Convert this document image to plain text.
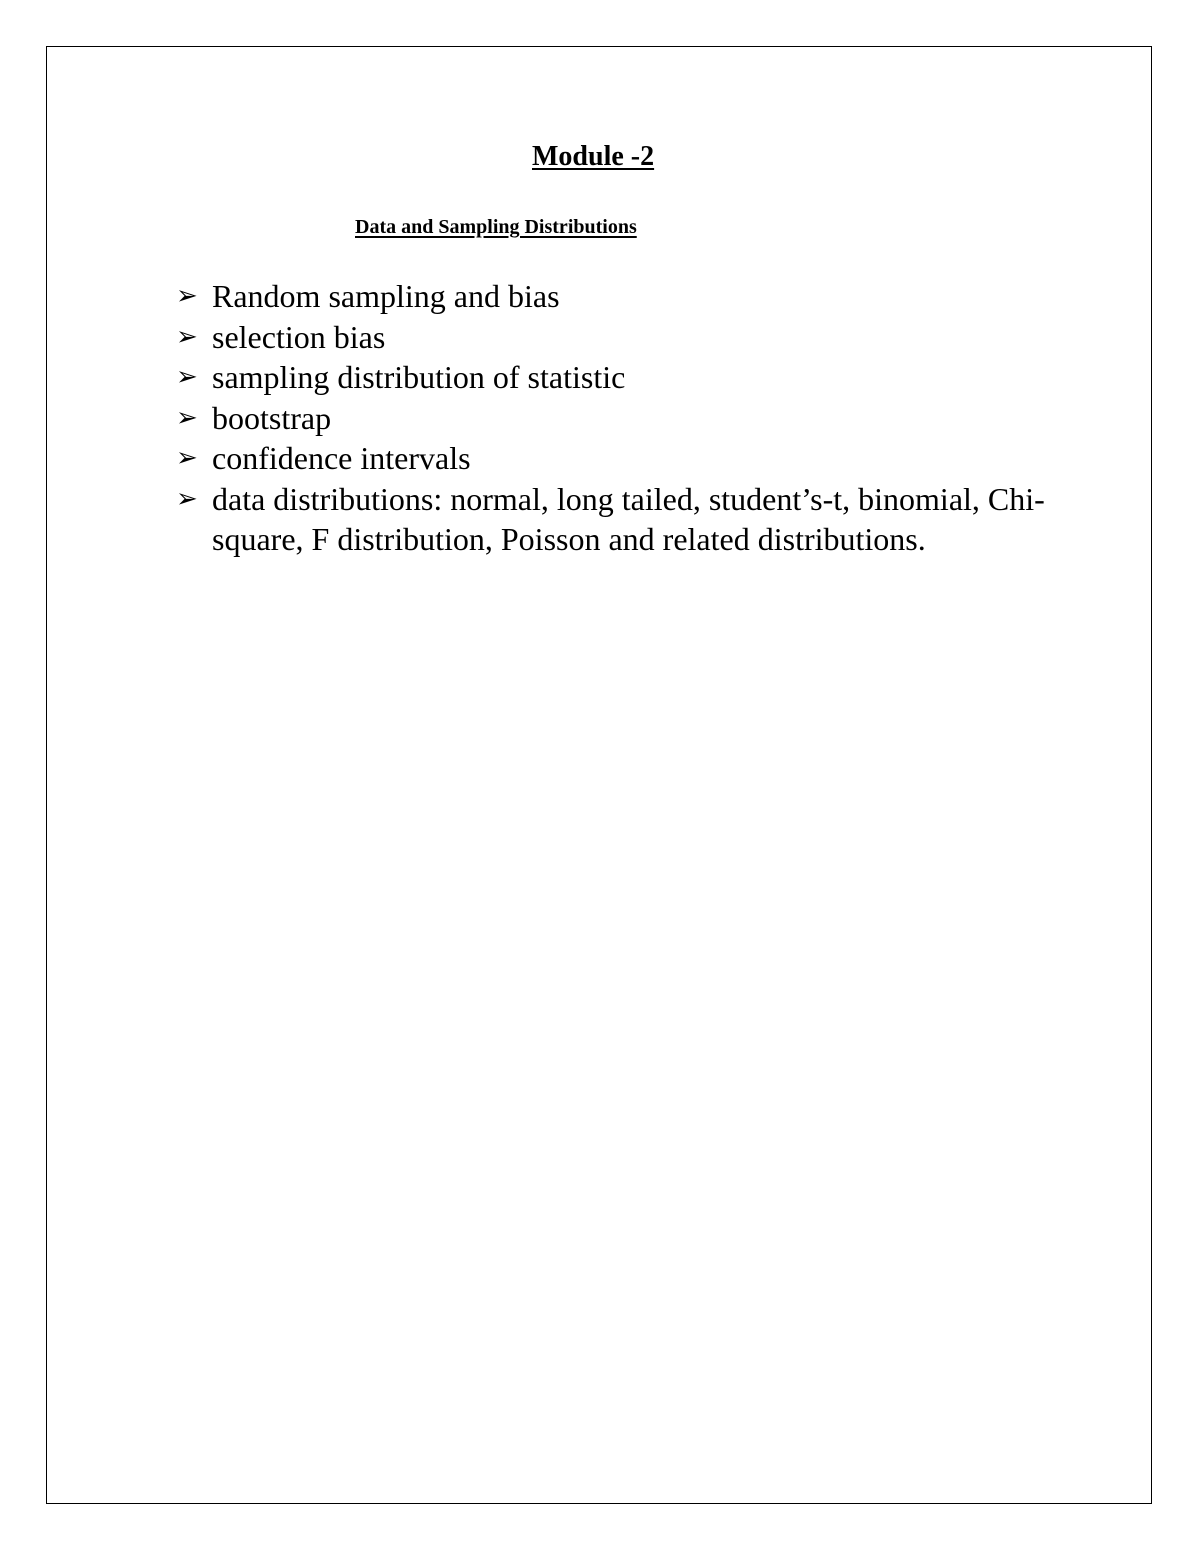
Module -2
Data and Sampling Distributions
➢ Random sampling and bias
➢ selection bias
➢ sampling distribution of statistic
➢ bootstrap
➢ confidence intervals
➢ data distributions: normal, long tailed, student’s-t, binomial, Chi-square, F distribution, Poisson and related distributions.
